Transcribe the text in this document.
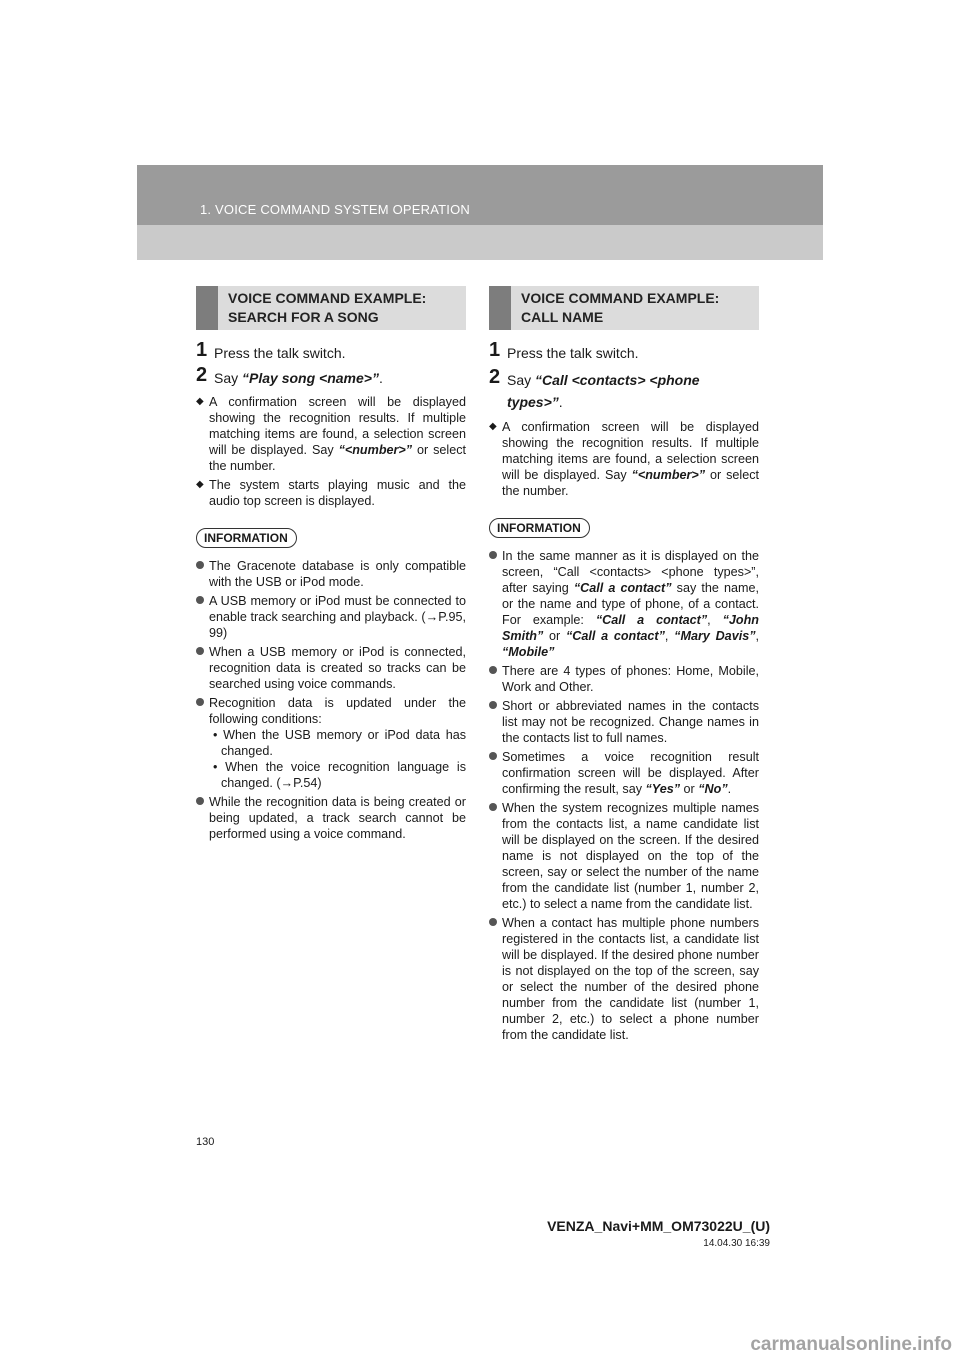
1. VOICE COMMAND SYSTEM OPERATION
VOICE COMMAND EXAMPLE:
SEARCH FOR A SONG
1 Press the talk switch.
2 Say “Play song <name>”.
◆ A confirmation screen will be displayed showing the recognition results. If multiple matching items are found, a selection screen will be displayed. Say “<number>” or select the number.
◆ The system starts playing music and the audio top screen is displayed.
INFORMATION
The Gracenote database is only compatible with the USB or iPod mode.
A USB memory or iPod must be connected to enable track searching and playback. (→P.95, 99)
When a USB memory or iPod is connected, recognition data is created so tracks can be searched using voice commands.
Recognition data is updated under the following conditions:
• When the USB memory or iPod data has changed.
• When the voice recognition language is changed. (→P.54)
While the recognition data is being created or being updated, a track search cannot be performed using a voice command.
VOICE COMMAND EXAMPLE:
CALL NAME
1 Press the talk switch.
2 Say “Call <contacts> <phone types>”.
◆ A confirmation screen will be displayed showing the recognition results. If multiple matching items are found, a selection screen will be displayed. Say “<number>” or select the number.
INFORMATION
In the same manner as it is displayed on the screen, “Call <contacts> <phone types>”, after saying “Call a contact” say the name, or the name and type of phone, of a contact. For example: “Call a contact”, “John Smith” or “Call a contact”, “Mary Davis”, “Mobile”
There are 4 types of phones: Home, Mobile, Work and Other.
Short or abbreviated names in the contacts list may not be recognized. Change names in the contacts list to full names.
Sometimes a voice recognition result confirmation screen will be displayed. After confirming the result, say “Yes” or “No”.
When the system recognizes multiple names from the contacts list, a name candidate list will be displayed on the screen. If the desired name is not displayed on the top of the screen, say or select the number of the name from the candidate list (number 1, number 2, etc.) to select a name from the candidate list.
When a contact has multiple phone numbers registered in the contacts list, a candidate list will be displayed. If the desired phone number is not displayed on the top of the screen, say or select the number of the desired phone number from the candidate list (number 1, number 2, etc.) to select a phone number from the candidate list.
130
VENZA_Navi+MM_OM73022U_(U)
14.04.30 16:39
carmanualsonline.info
